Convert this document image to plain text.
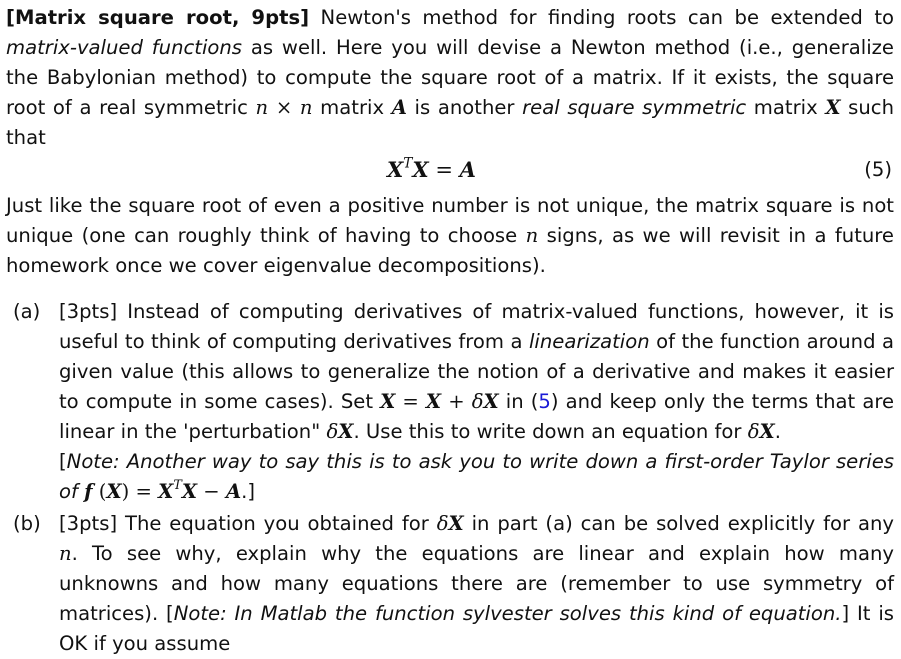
[Matrix square root, 9pts] Newton's method for finding roots can be extended to matrix-valued functions as well. Here you will devise a Newton method (i.e., generalize the Babylonian method) to compute the square root of a matrix. If it exists, the square root of a real symmetric n × n matrix A is another real square symmetric matrix X such that

$X^TX = A$	(5)

Just like the square root of even a positive number is not unique, the matrix square is not unique (one can roughly think of having to choose n signs, as we will revisit in a future homework once we cover eigenvalue decompositions).

(a) [3pts] Instead of computing derivatives of matrix-valued functions, however, it is useful to think of computing derivatives from a linearization of the function around a given value (this allows to generalize the notion of a derivative and makes it easier to compute in some cases). Set X = X + δX in (5) and keep only the terms that are linear in the 'perturbation" δX. Use this to write down an equation for δX.
[Note: Another way to say this is to ask you to write down a first-order Taylor series of f $(X) = X^TX - A$.]
(b) [3pts] The equation you obtained for δX in part (a) can be solved explicitly for any n. To see why, explain why the equations are linear and explain how many unknowns and how many equations there are (remember to use symmetry of matrices). [Note: In Matlab the function sylvester solves this kind of equation.] It is OK if you assume
